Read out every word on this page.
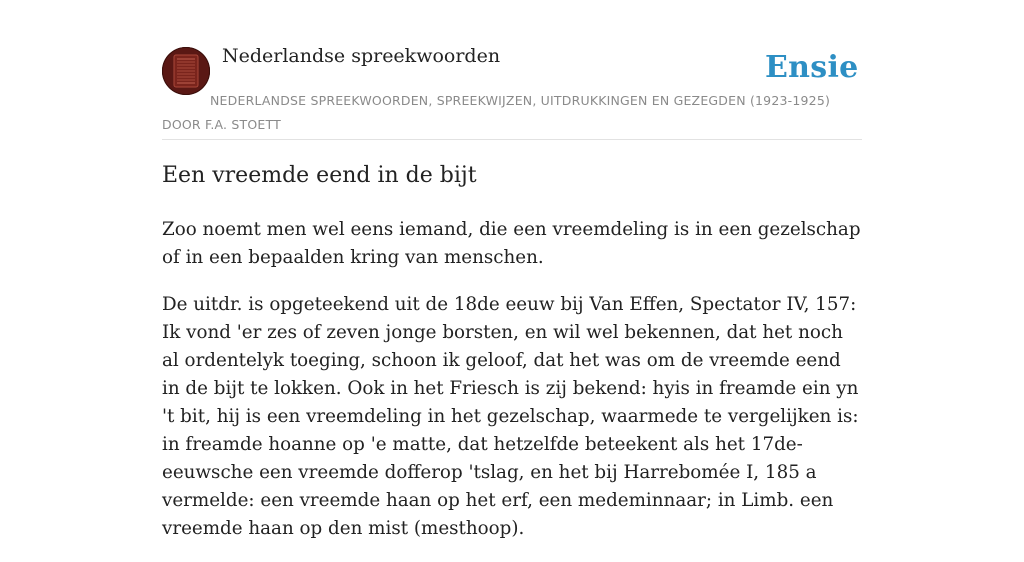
Nederlandse spreekwoorden	Ensie
NEDERLANDSE SPREEKWOORDEN, SPREEKWIJZEN, UITDRUKKINGEN EN GEZEGDEN (1923-1925)
DOOR F.A. STOETT
Een vreemde eend in de bijt

Zoo noemt men wel eens iemand, die een vreemdeling is in een gezelschap of in een bepaalden kring van menschen.

De uitdr. is opgeteekend uit de 18de eeuw bij Van Effen, Spectator IV, 157: Ik vond 'er zes of zeven jonge borsten, en wil wel bekennen, dat het noch al ordentelyk toeging, schoon ik geloof, dat het was om de vreemde eend in de bijt te lokken. Ook in het Friesch is zij bekend: hyis in freamde ein yn 't bit, hij is een vreemdeling in het gezelschap, waarmede te vergelijken is: in freamde hoanne op 'e matte, dat hetzelfde beteekent als het 17de-eeuwsche een vreemde dofferop 'tslag, en het bij Harrebomée I, 185 a vermelde: een vreemde haan op het erf, een medeminnaar; in Limb. een vreemde haan op den mist (mesthoop).
